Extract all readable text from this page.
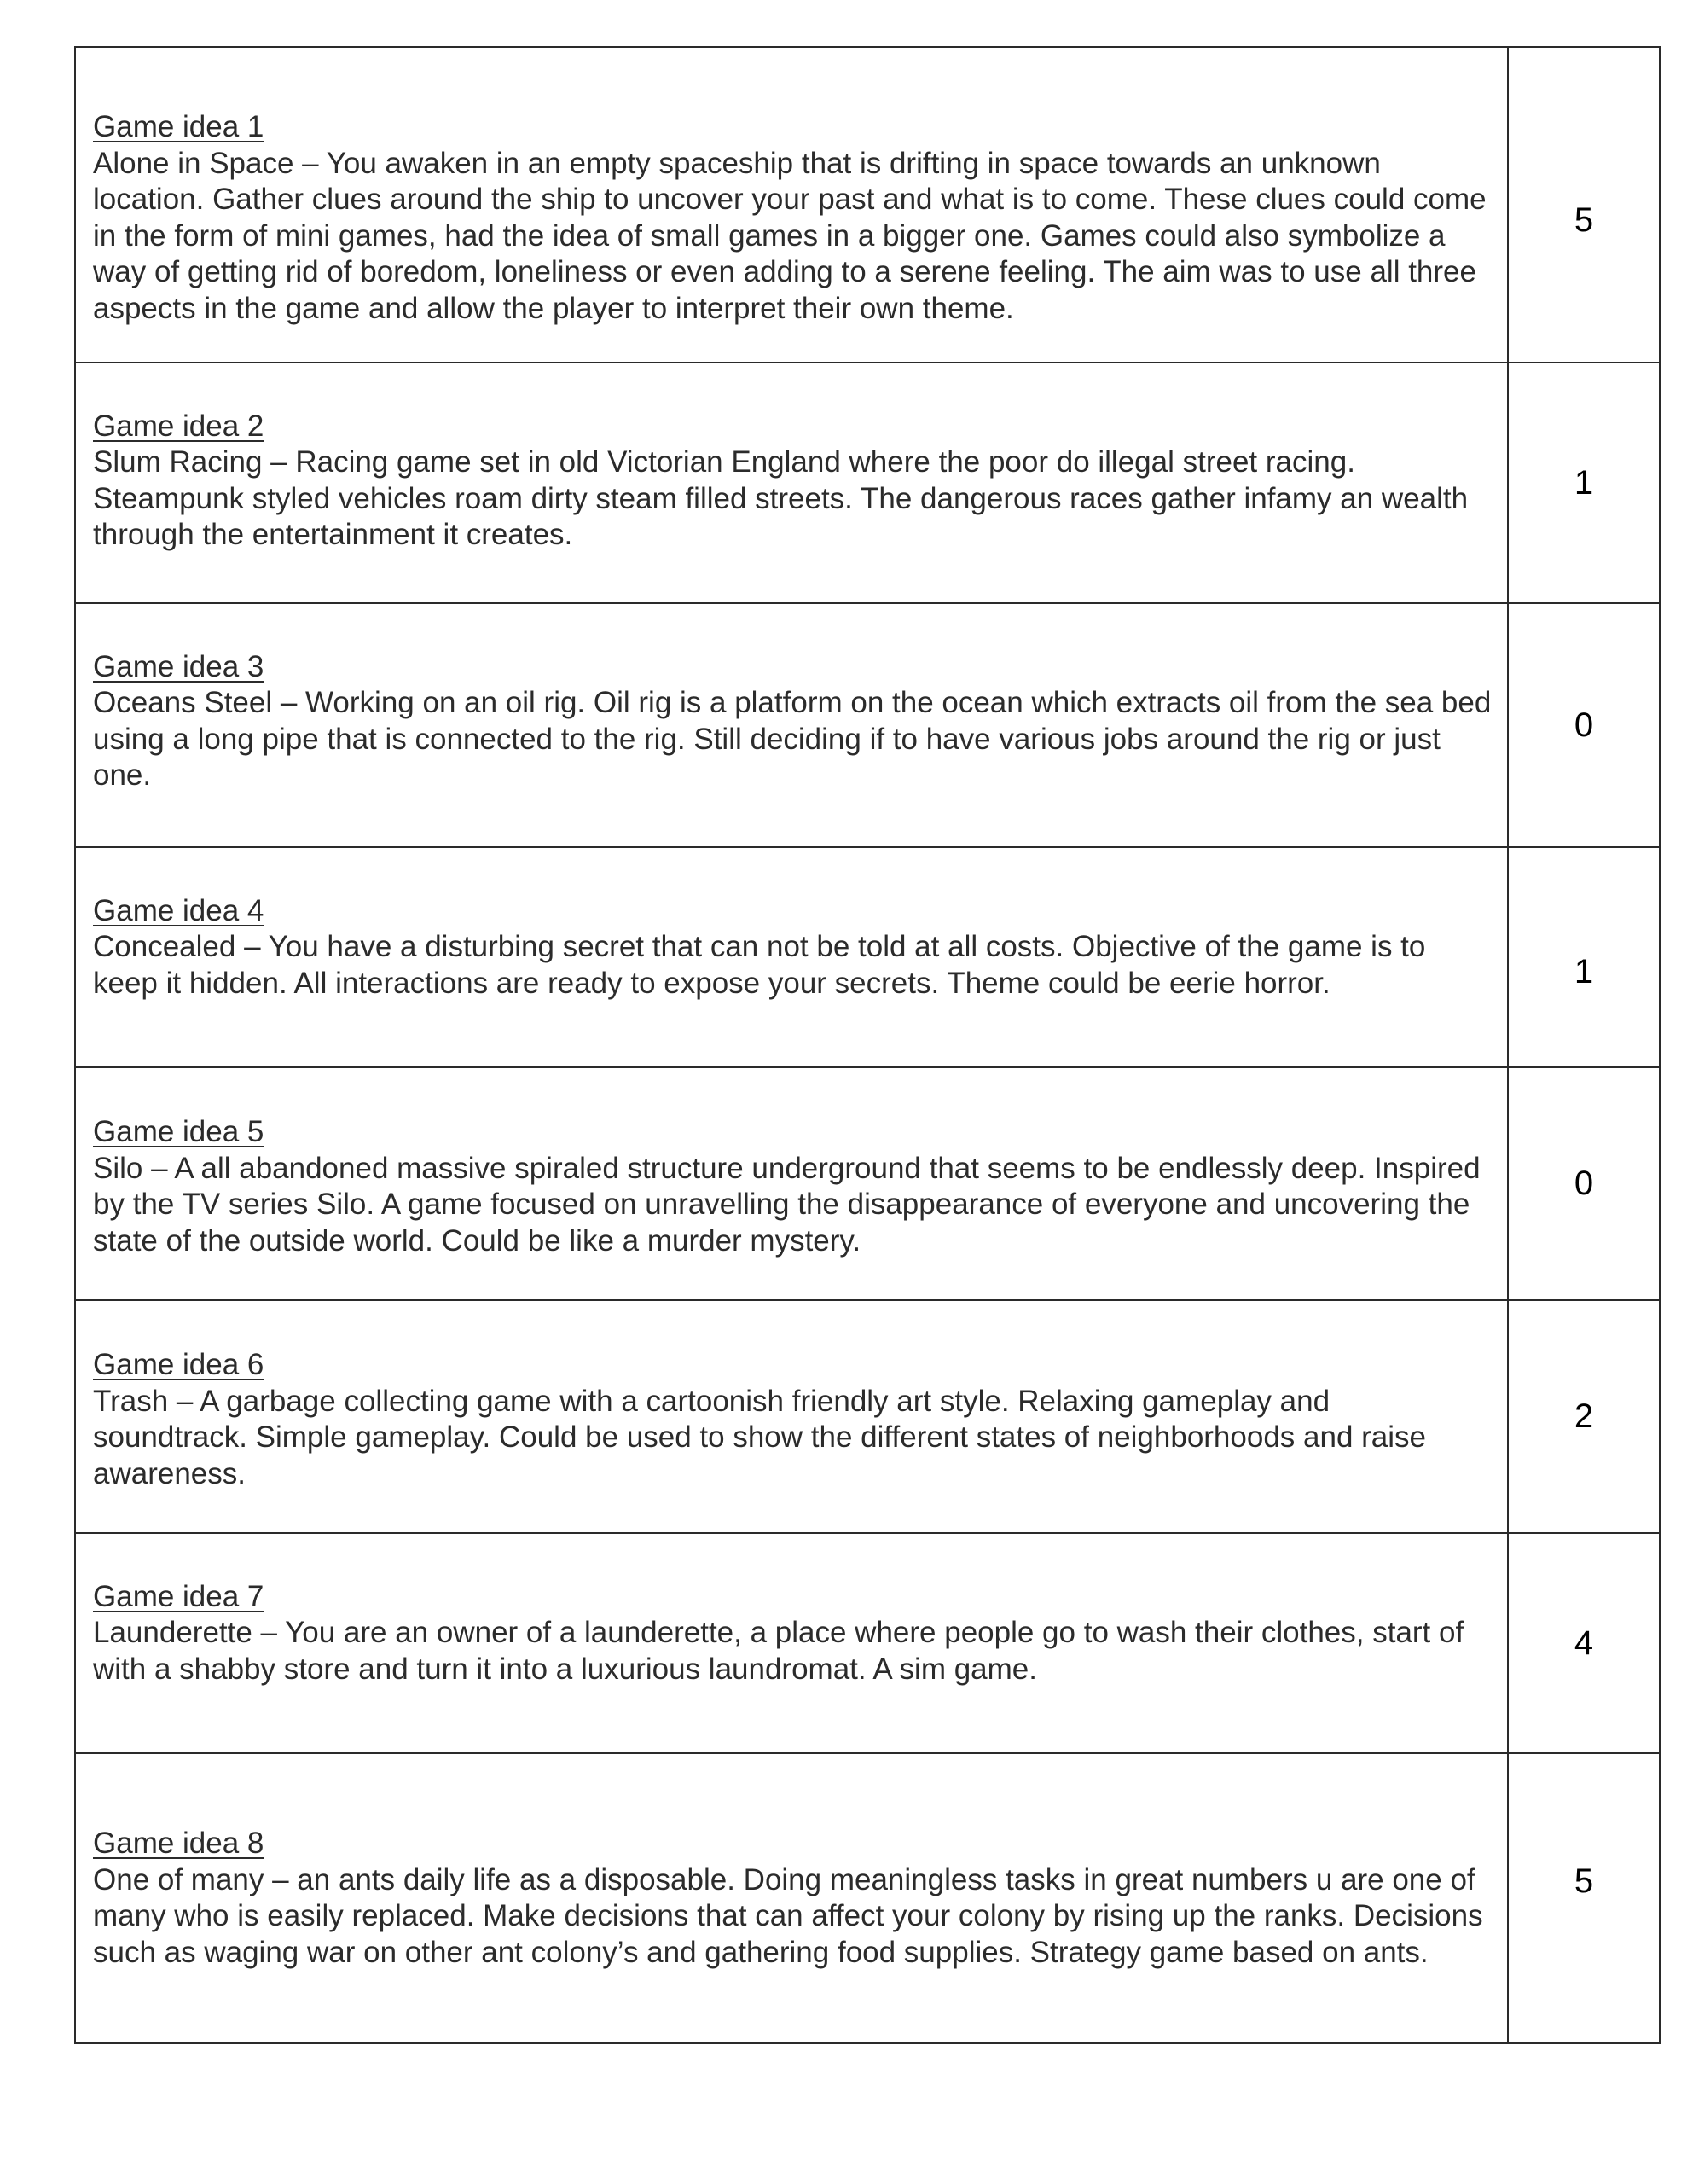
Game idea 1
Alone in Space – You awaken in an empty spaceship that is drifting in space towards an unknown location. Gather clues around the ship to uncover your past and what is to come. These clues could come in the form of mini games, had the idea of small games in a bigger one. Games could also symbolize a way of getting rid of boredom, loneliness or even adding to a serene feeling. The aim was to use all three aspects in the game and allow the player to interpret their own theme.	5

Game idea 2
Slum Racing – Racing game set in old Victorian England where the poor do illegal street racing. Steampunk styled vehicles roam dirty steam filled streets. The dangerous races gather infamy an wealth through the entertainment it creates.	1

Game idea 3
Oceans Steel – Working on an oil rig. Oil rig is a platform on the ocean which extracts oil from the sea bed using a long pipe that is connected to the rig. Still deciding if to have various jobs around the rig or just one.	0

Game idea 4
Concealed – You have a disturbing secret that can not be told at all costs. Objective of the game is to keep it hidden. All interactions are ready to expose your secrets. Theme could be eerie horror.	1

Game idea 5
Silo – A all abandoned massive spiraled structure underground that seems to be endlessly deep. Inspired by the TV series Silo. A game focused on unravelling the disappearance of everyone and uncovering the state of the outside world. Could be like a murder mystery.	0

Game idea 6
Trash – A garbage collecting game with a cartoonish friendly art style. Relaxing gameplay and soundtrack. Simple gameplay. Could be used to show the different states of neighborhoods and raise awareness.	2

Game idea 7
Launderette – You are an owner of a launderette, a place where people go to wash their clothes, start of with a shabby store and turn it into a luxurious laundromat. A sim game.	4

Game idea 8
One of many – an ants daily life as a disposable. Doing meaningless tasks in great numbers u are one of many who is easily replaced. Make decisions that can affect your colony by rising up the ranks. Decisions such as waging war on other ant colony’s and gathering food supplies. Strategy game based on ants.	5
